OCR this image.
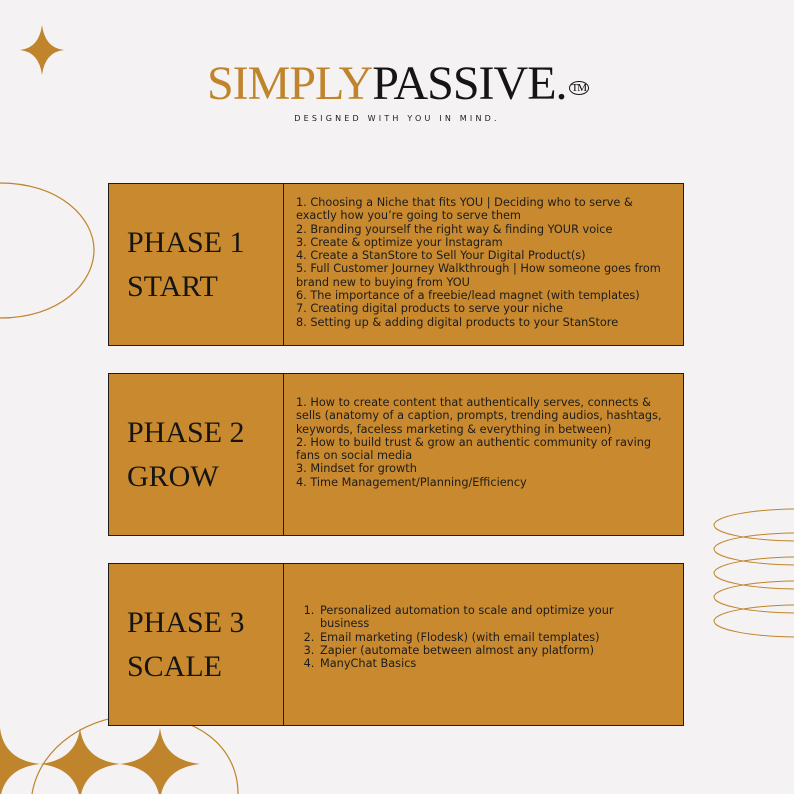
SIMPLYPASSIVE. ™
DESIGNED WITH YOU IN MIND.
PHASE 1
START

1. Choosing a Niche that fits YOU | Deciding who to serve & exactly how you’re going to serve them

2. Branding yourself the right way & finding YOUR voice

3. Create & optimize your Instagram

4. Create a StanStore to Sell Your Digital Product(s)

5. Full Customer Journey Walkthrough | How someone goes from brand new to buying from YOU

6. The importance of a freebie/lead magnet (with templates)

7. Creating digital products to serve your niche

8. Setting up & adding digital products to your StanStore

PHASE 2
GROW

1. How to create content that authentically serves, connects & sells (anatomy of a caption, prompts, trending audios, hashtags, keywords, faceless marketing & everything in between)

2. How to build trust & grow an authentic community of raving fans on social media

3. Mindset for growth

4. Time Management/Planning/Efficiency

PHASE 3
SCALE
1. Personalized automation to scale and optimize your business
2. Email marketing (Flodesk) (with email templates)
3. Zapier (automate between almost any platform)
4. ManyChat Basics
